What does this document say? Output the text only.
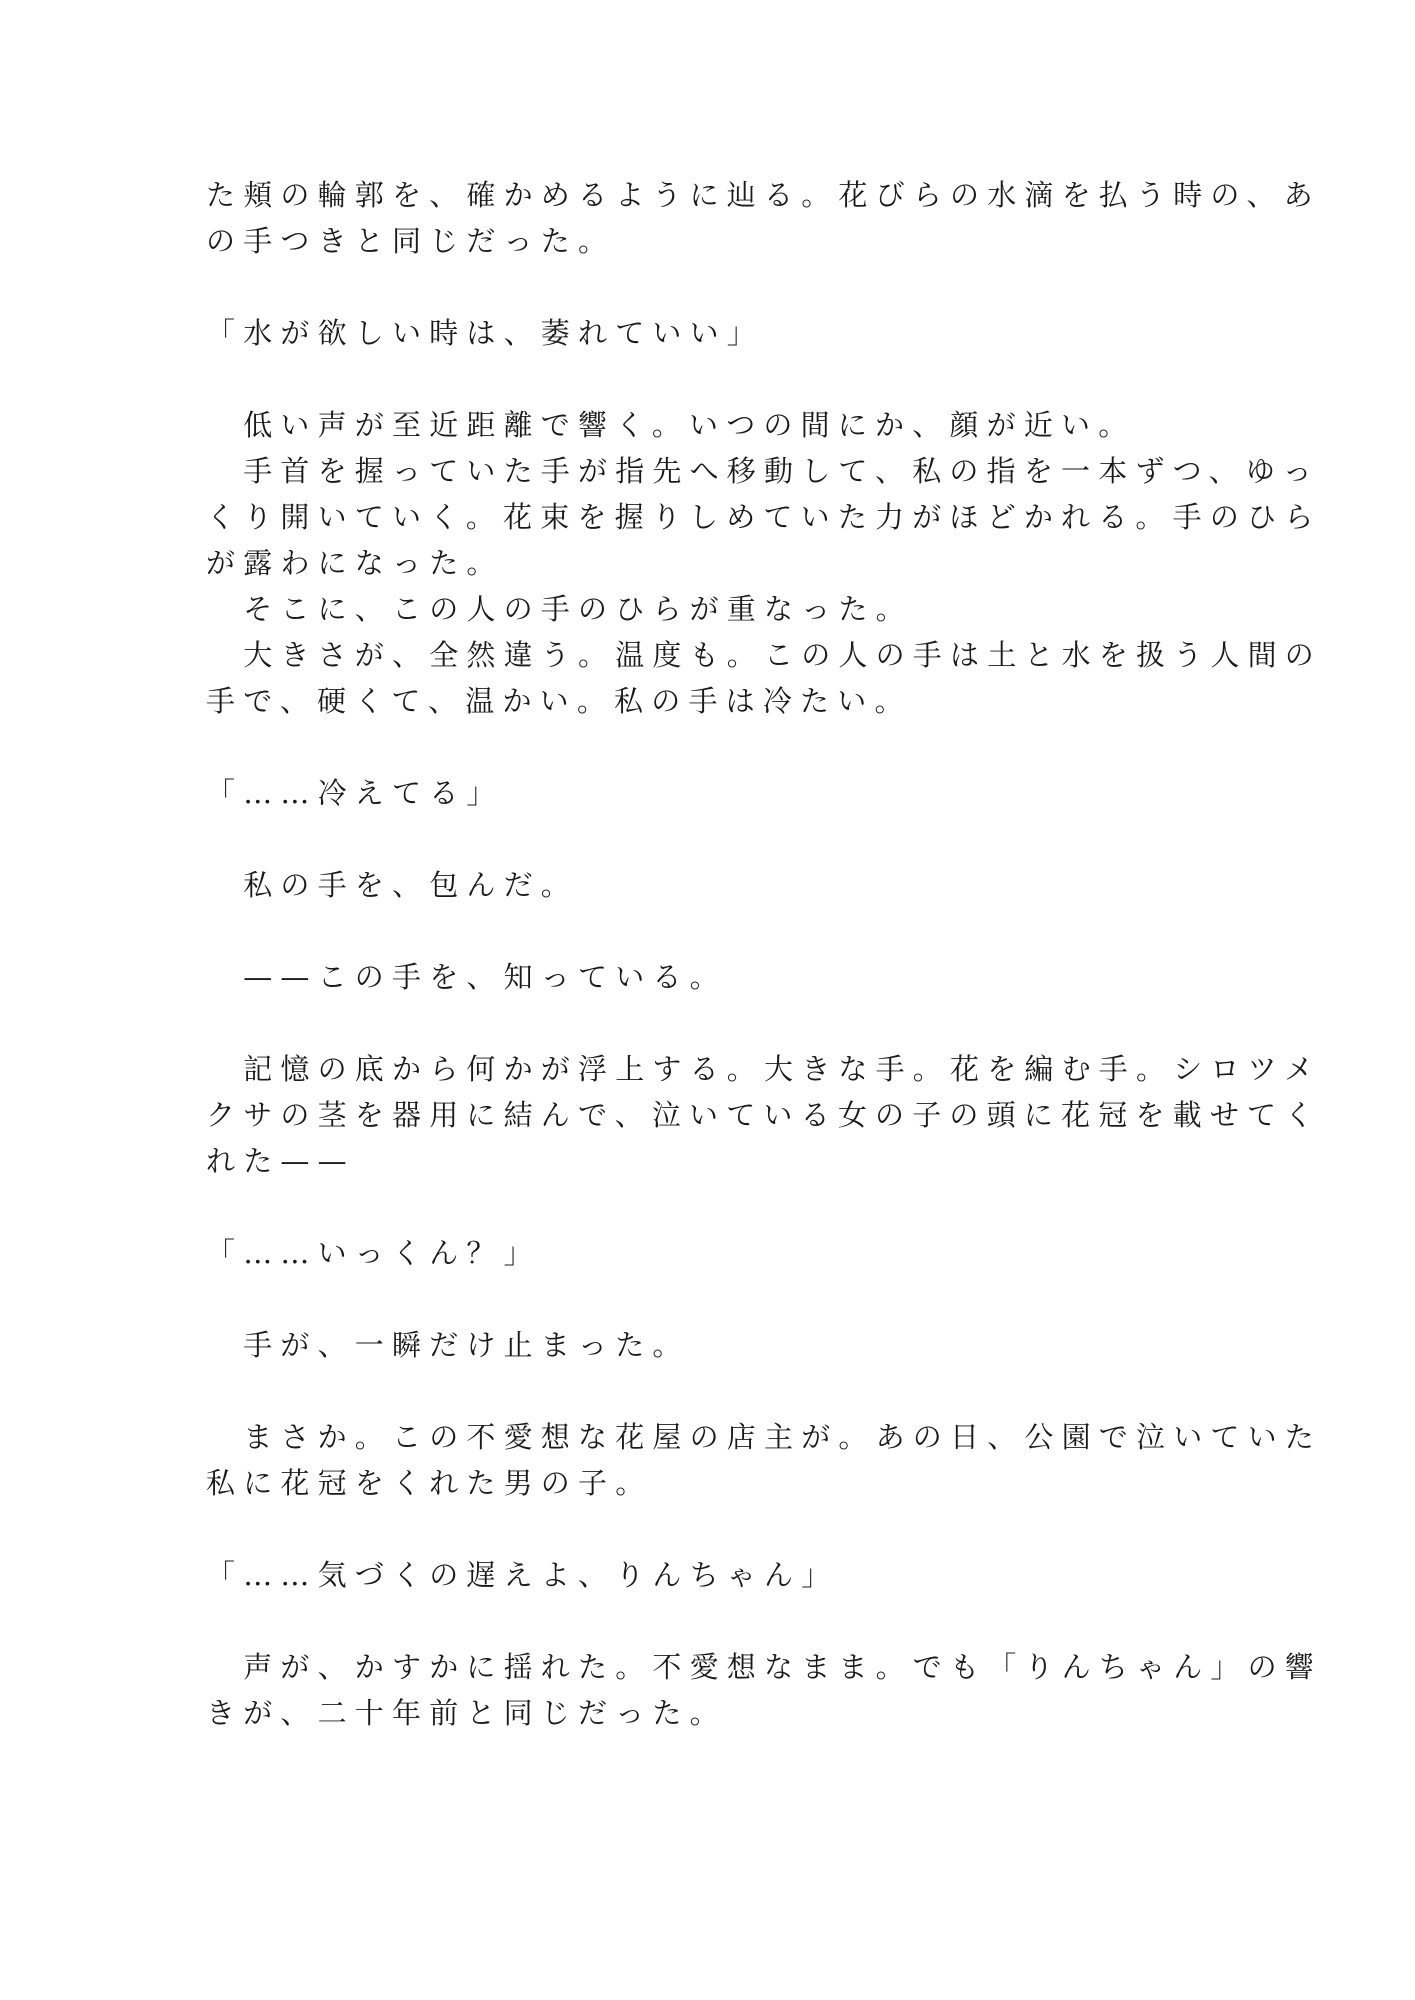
た頬の輪郭を、確かめるように辿る。花びらの水滴を払う時の、あ
の手つきと同じだった。
「水が欲しい時は、萎れていい」
　低い声が至近距離で響く。いつの間にか、顔が近い。
　手首を握っていた手が指先へ移動して、私の指を一本ずつ、ゆっ
くり開いていく。花束を握りしめていた力がほどかれる。手のひら
が露わになった。
　そこに、この人の手のひらが重なった。
　大きさが、全然違う。温度も。この人の手は土と水を扱う人間の
手で、硬くて、温かい。私の手は冷たい。
「……冷えてる」
　私の手を、包んだ。
　——この手を、知っている。
　記憶の底から何かが浮上する。大きな手。花を編む手。シロツメ
クサの茎を器用に結んで、泣いている女の子の頭に花冠を載せてく
れた——
「……いっくん？」
　手が、一瞬だけ止まった。
　まさか。この不愛想な花屋の店主が。あの日、公園で泣いていた
私に花冠をくれた男の子。
「……気づくの遅えよ、りんちゃん」
　声が、かすかに揺れた。不愛想なまま。でも「りんちゃん」の響
きが、二十年前と同じだった。
